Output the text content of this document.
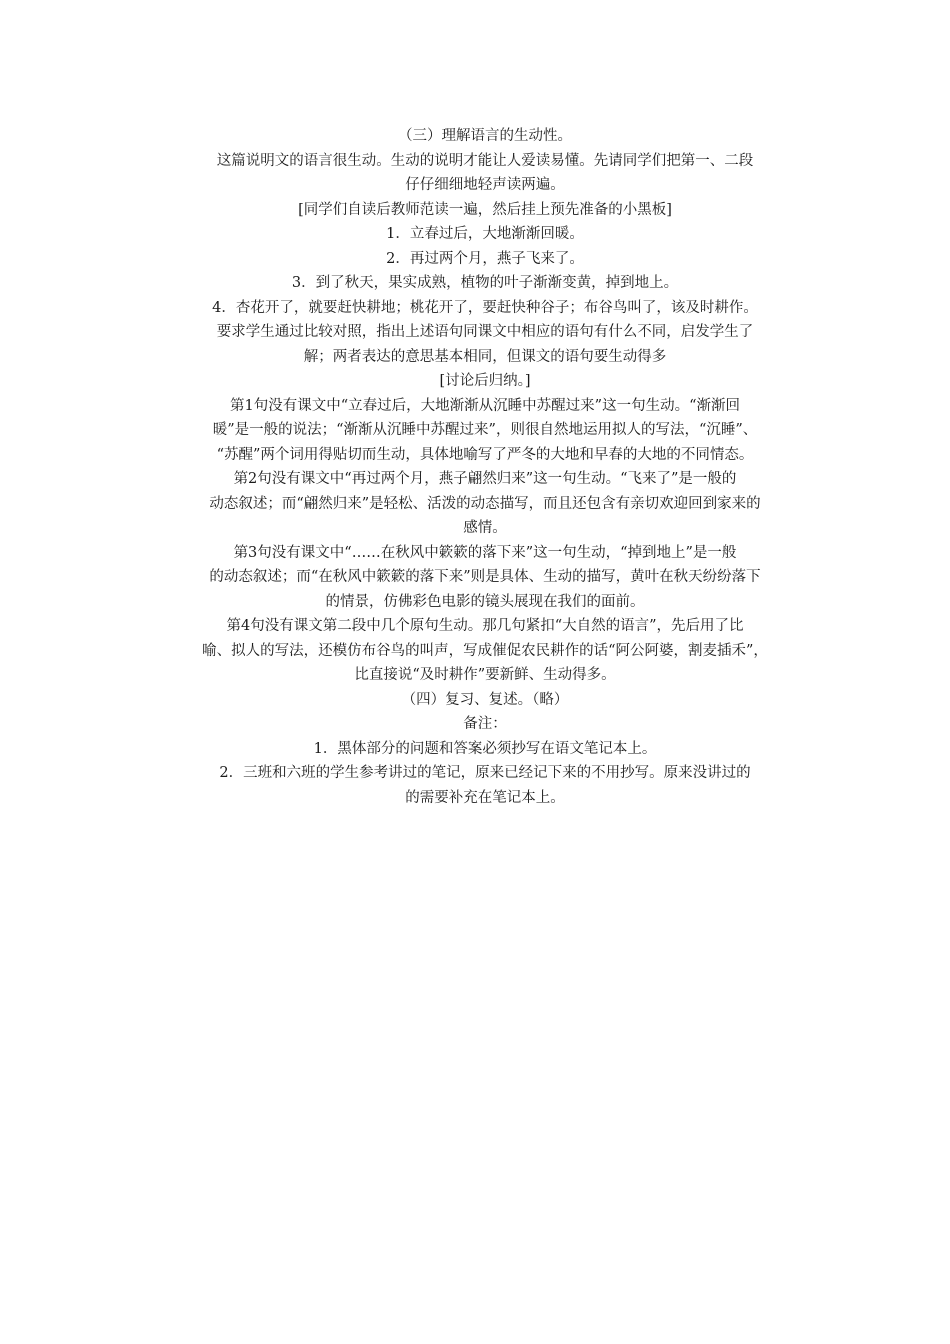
（三）理解语言的生动性。

这篇说明文的语言很生动。生动的说明才能让人爱读易懂。先请同学们把第一、二段

仔仔细细地轻声读两遍。

[同学们自读后教师范读一遍，然后挂上预先准备的小黑板]

1．立春过后，大地渐渐回暖。

2．再过两个月，燕子飞来了。

3．到了秋天，果实成熟，植物的叶子渐渐变黄，掉到地上。

4．杏花开了，就要赶快耕地；桃花开了，要赶快种谷子；布谷鸟叫了，该及时耕作。

要求学生通过比较对照，指出上述语句同课文中相应的语句有什么不同，启发学生了

解；两者表达的意思基本相同，但课文的语句要生动得多

[讨论后归纳。]

第1句没有课文中“立春过后，大地渐渐从沉睡中苏醒过来”这一句生动。“渐渐回

暖”是一般的说法；“渐渐从沉睡中苏醒过来”，则很自然地运用拟人的写法，“沉睡”、

“苏醒”两个词用得贴切而生动，具体地喻写了严冬的大地和早春的大地的不同情态。

第2句没有课文中“再过两个月，燕子翩然归来”这一句生动。“飞来了”是一般的

动态叙述；而“翩然归来”是轻松、活泼的动态描写，而且还包含有亲切欢迎回到家来的

感情。

第3句没有课文中“……在秋风中簌簌的落下来”这一句生动，“掉到地上”是一般

的动态叙述；而“在秋风中簌簌的落下来”则是具体、生动的描写，黄叶在秋天纷纷落下

的情景，仿佛彩色电影的镜头展现在我们的面前。

第4句没有课文第二段中几个原句生动。那几句紧扣“大自然的语言”，先后用了比

喻、拟人的写法，还模仿布谷鸟的叫声，写成催促农民耕作的话“阿公阿婆，割麦插禾”，

比直接说“及时耕作”要新鲜、生动得多。

（四）复习、复述。（略）

备注：

1．黑体部分的问题和答案必须抄写在语文笔记本上。

2．三班和六班的学生参考讲过的笔记，原来已经记下来的不用抄写。原来没讲过的

的需要补充在笔记本上。
